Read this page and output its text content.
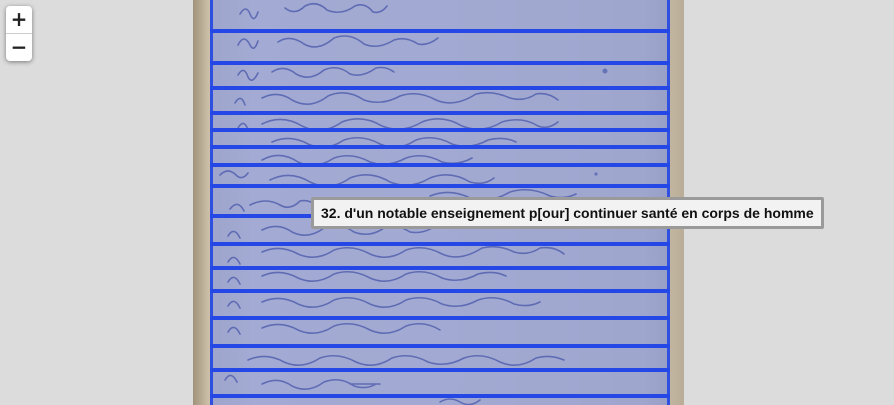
+
−
32. d'un notable enseignement p[our] continuer santé en corps de homme
